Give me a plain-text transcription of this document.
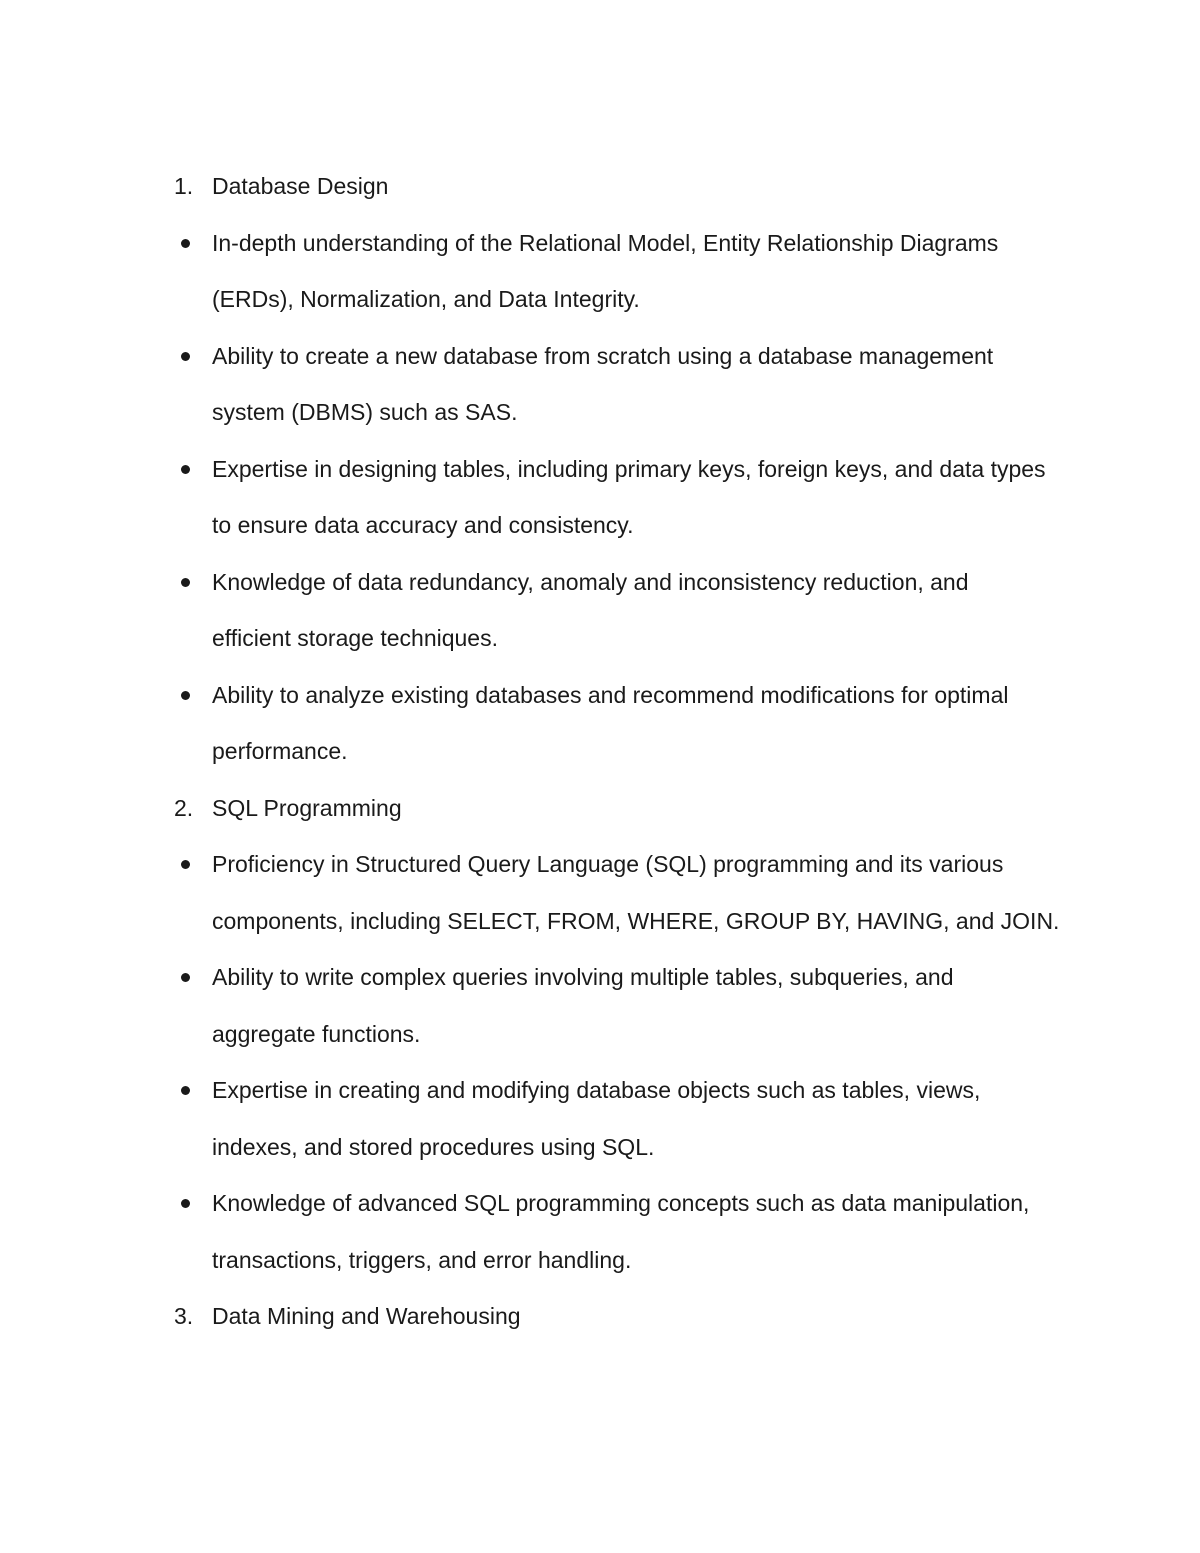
1. Database Design
In-depth understanding of the Relational Model, Entity Relationship Diagrams
(ERDs), Normalization, and Data Integrity.
Ability to create a new database from scratch using a database management
system (DBMS) such as SAS.
Expertise in designing tables, including primary keys, foreign keys, and data types
to ensure data accuracy and consistency.
Knowledge of data redundancy, anomaly and inconsistency reduction, and
efficient storage techniques.
Ability to analyze existing databases and recommend modifications for optimal
performance.
2. SQL Programming
Proficiency in Structured Query Language (SQL) programming and its various
components, including SELECT, FROM, WHERE, GROUP BY, HAVING, and JOIN.
Ability to write complex queries involving multiple tables, subqueries, and
aggregate functions.
Expertise in creating and modifying database objects such as tables, views,
indexes, and stored procedures using SQL.
Knowledge of advanced SQL programming concepts such as data manipulation,
transactions, triggers, and error handling.
3. Data Mining and Warehousing
